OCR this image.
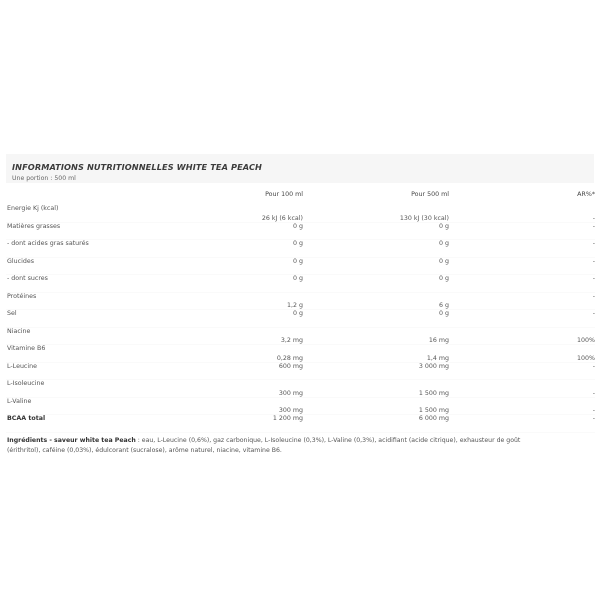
INFORMATIONS NUTRITIONNELLES WHITE TEA PEACH
Une portion : 500 ml
	Pour 100 ml	Pour 500 ml	AR%*
Énergie Kj (kcal)	26 kJ (6 kcal)	130 kJ (30 kcal)	-
Matières grasses	0 g	0 g	-
- dont acides gras saturés	0 g	0 g	-
Glucides	0 g	0 g	-
- dont sucres	0 g	0 g	-
Protéines	1,2 g	6 g	-
Sel	0 g	0 g	-
Niacine	3,2 mg	16 mg	100%
Vitamine B6	0,28 mg	1,4 mg	100%
L-Leucine	600 mg	3 000 mg	-
L-Isoleucine	300 mg	1 500 mg	-
L-Valine	300 mg	1 500 mg	-
BCAA total	1 200 mg	6 000 mg	-
Ingrédients - saveur white tea Peach : eau, L-Leucine (0,6%), gaz carbonique, L-Isoleucine (0,3%), L-Valine (0,3%), acidifiant (acide citrique), exhausteur de goût (érithritol), caféine (0,03%), édulcorant (sucralose), arôme naturel, niacine, vitamine B6.
